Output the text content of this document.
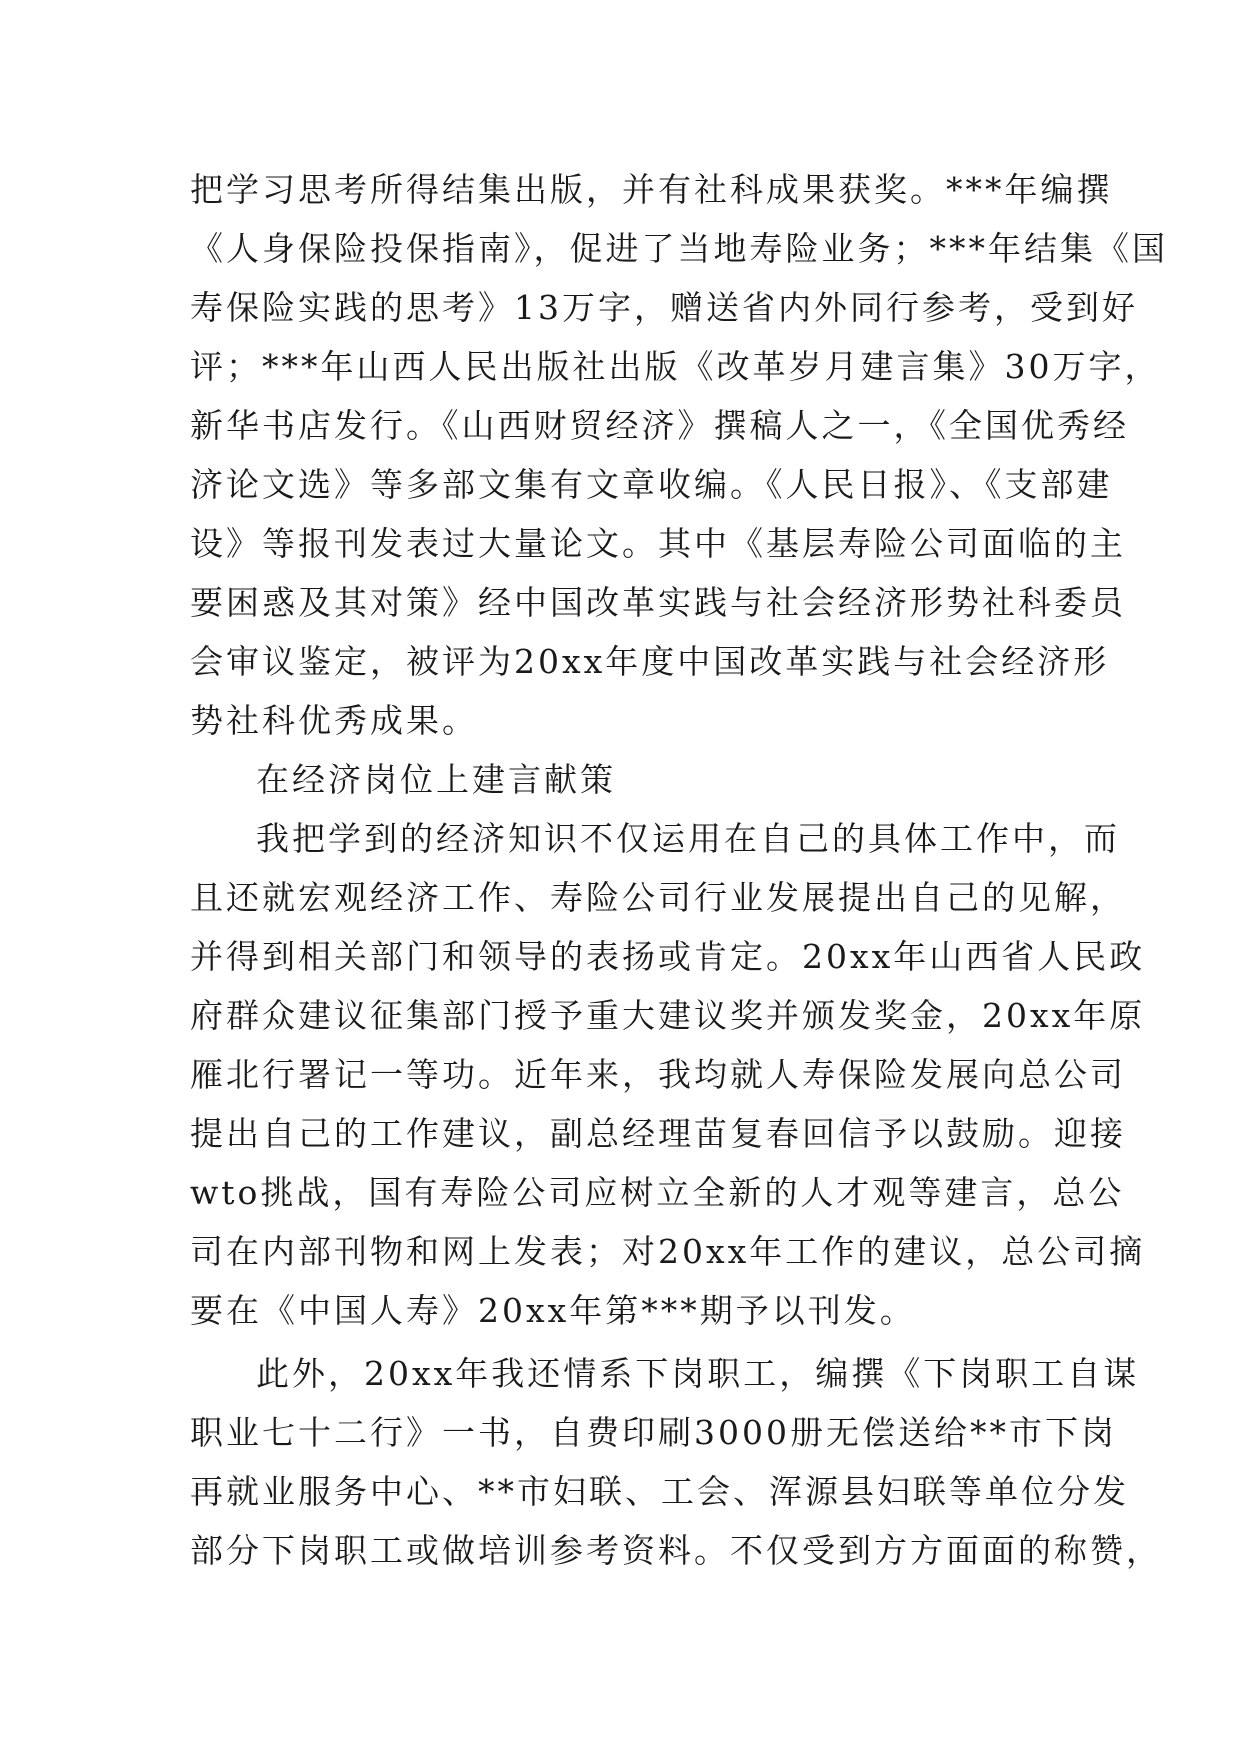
把学习思考所得结集出版，并有社科成果获奖。***年编撰
《人身保险投保指南》，促进了当地寿险业务；***年结集《国
寿保险实践的思考》13万字，赠送省内外同行参考，受到好
评；***年山西人民出版社出版《改革岁月建言集》30万字，
新华书店发行。《山西财贸经济》撰稿人之一，《全国优秀经
济论文选》等多部文集有文章收编。《人民日报》、《支部建
设》等报刊发表过大量论文。其中《基层寿险公司面临的主
要困惑及其对策》经中国改革实践与社会经济形势社科委员
会审议鉴定，被评为20xx年度中国改革实践与社会经济形
势社科优秀成果。
在经济岗位上建言献策
我把学到的经济知识不仅运用在自己的具体工作中，而
且还就宏观经济工作、寿险公司行业发展提出自己的见解，
并得到相关部门和领导的表扬或肯定。20xx年山西省人民政
府群众建议征集部门授予重大建议奖并颁发奖金，20xx年原
雁北行署记一等功。近年来，我均就人寿保险发展向总公司
提出自己的工作建议，副总经理苗复春回信予以鼓励。迎接
wto挑战，国有寿险公司应树立全新的人才观等建言，总公
司在内部刊物和网上发表；对20xx年工作的建议，总公司摘
要在《中国人寿》20xx年第***期予以刊发。
此外，20xx年我还情系下岗职工，编撰《下岗职工自谋
职业七十二行》一书，自费印刷3000册无偿送给**市下岗
再就业服务中心、**市妇联、工会、浑源县妇联等单位分发
部分下岗职工或做培训参考资料。不仅受到方方面面的称赞，
